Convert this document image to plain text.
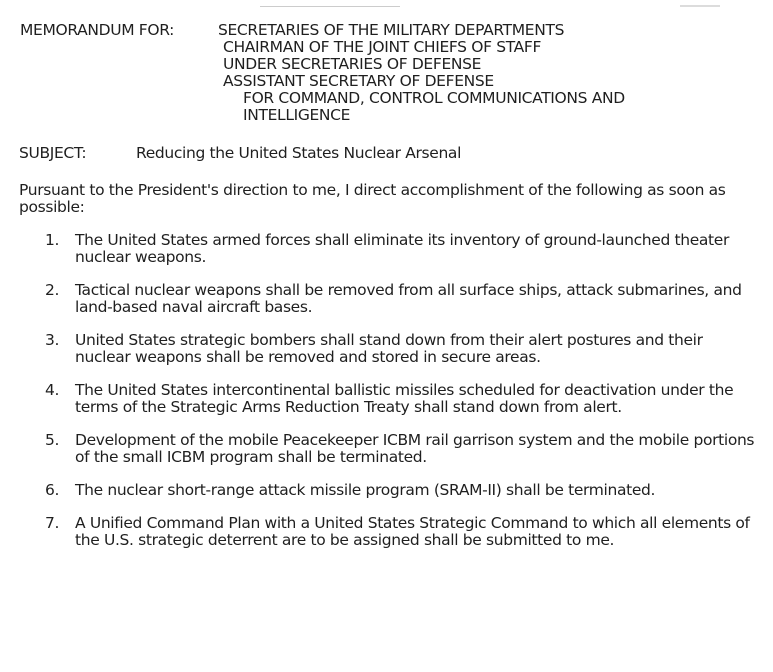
MEMORANDUM FOR:	SECRETARIES OF THE MILITARY DEPARTMENTS
CHAIRMAN OF THE JOINT CHIEFS OF STAFF
UNDER SECRETARIES OF DEFENSE
ASSISTANT SECRETARY OF DEFENSE
FOR COMMAND, CONTROL COMMUNICATIONS AND
INTELLIGENCE
SUBJECT:	Reducing the United States Nuclear Arsenal
Pursuant to the President's direction to me, I direct accomplishment of the following as soon as possible:
1.	The United States armed forces shall eliminate its inventory of ground-launched theater nuclear weapons.
2.	Tactical nuclear weapons shall be removed from all surface ships, attack submarines, and land-based naval aircraft bases.
3.	United States strategic bombers shall stand down from their alert postures and their nuclear weapons shall be removed and stored in secure areas.
4.	The United States intercontinental ballistic missiles scheduled for deactivation under the terms of the Strategic Arms Reduction Treaty shall stand down from alert.
5.	Development of the mobile Peacekeeper ICBM rail garrison system and the mobile portions of the small ICBM program shall be terminated.
6.	The nuclear short-range attack missile program (SRAM-II) shall be terminated.
7.	A Unified Command Plan with a United States Strategic Command to which all elements of the U.S. strategic deterrent are to be assigned shall be submitted to me.
